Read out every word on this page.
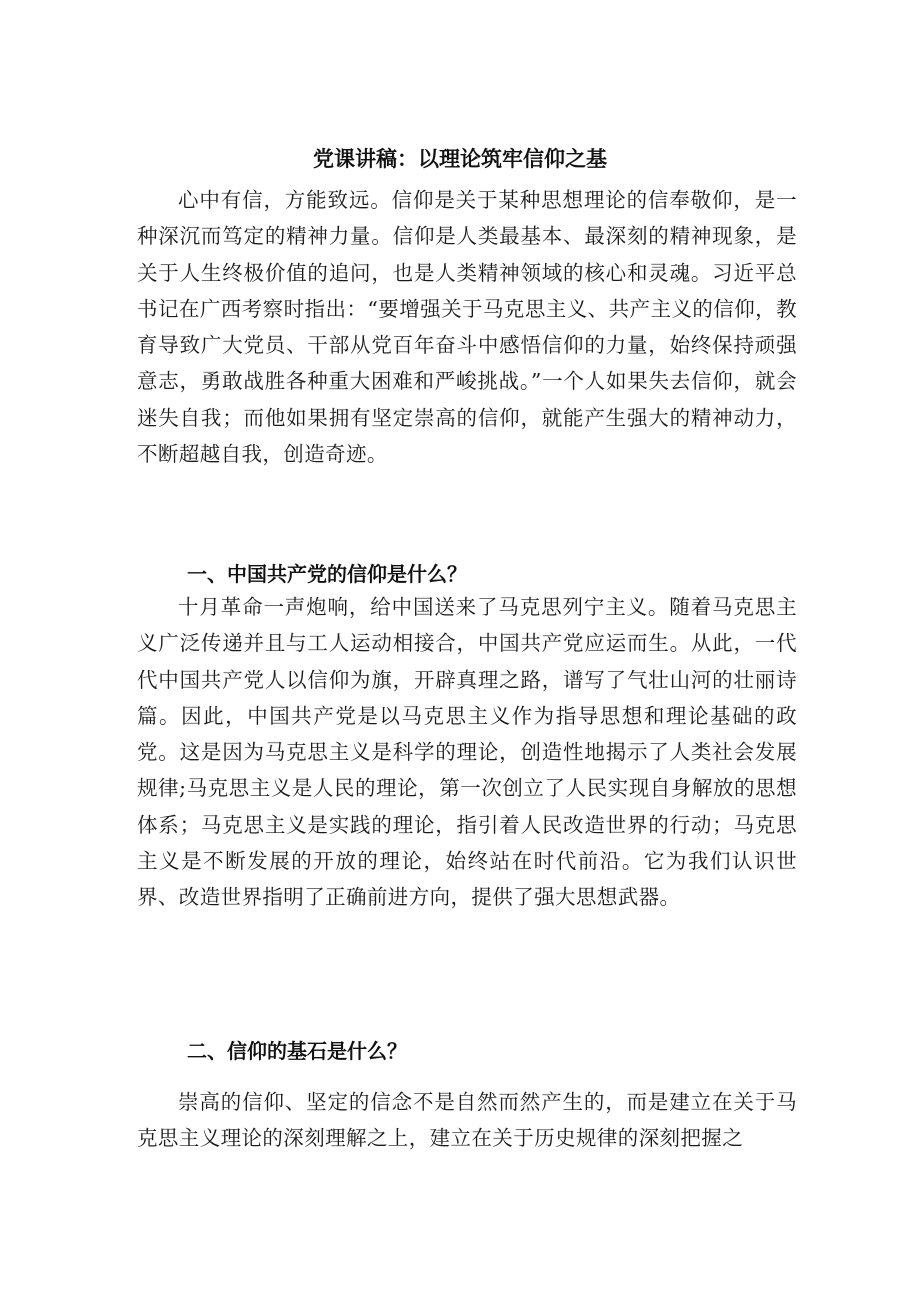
党课讲稿：以理论筑牢信仰之基

心中有信，方能致远。信仰是关于某种思想理论的信奉敬仰，是一种深沉而笃定的精神力量。信仰是人类最基本、最深刻的精神现象，是关于人生终极价值的追问，也是人类精神领域的核心和灵魂。习近平总书记在广西考察时指出：“要增强关于马克思主义、共产主义的信仰，教育导致广大党员、干部从党百年奋斗中感悟信仰的力量，始终保持顽强意志，勇敢战胜各种重大困难和严峻挑战。”一个人如果失去信仰，就会迷失自我；而他如果拥有坚定崇高的信仰，就能产生强大的精神动力，不断超越自我，创造奇迹。

一、中国共产党的信仰是什么？

十月革命一声炮响，给中国送来了马克思列宁主义。随着马克思主义广泛传递并且与工人运动相接合，中国共产党应运而生。从此，一代代中国共产党人以信仰为旗，开辟真理之路，谱写了气壮山河的壮丽诗篇。因此，中国共产党是以马克思主义作为指导思想和理论基础的政党。这是因为马克思主义是科学的理论，创造性地揭示了人类社会发展规律;马克思主义是人民的理论，第一次创立了人民实现自身解放的思想体系；马克思主义是实践的理论，指引着人民改造世界的行动；马克思主义是不断发展的开放的理论，始终站在时代前沿。它为我们认识世界、改造世界指明了正确前进方向，提供了强大思想武器。

二、信仰的基石是什么？

崇高的信仰、坚定的信念不是自然而然产生的，而是建立在关于马克思主义理论的深刻理解之上，建立在关于历史规律的深刻把握之
